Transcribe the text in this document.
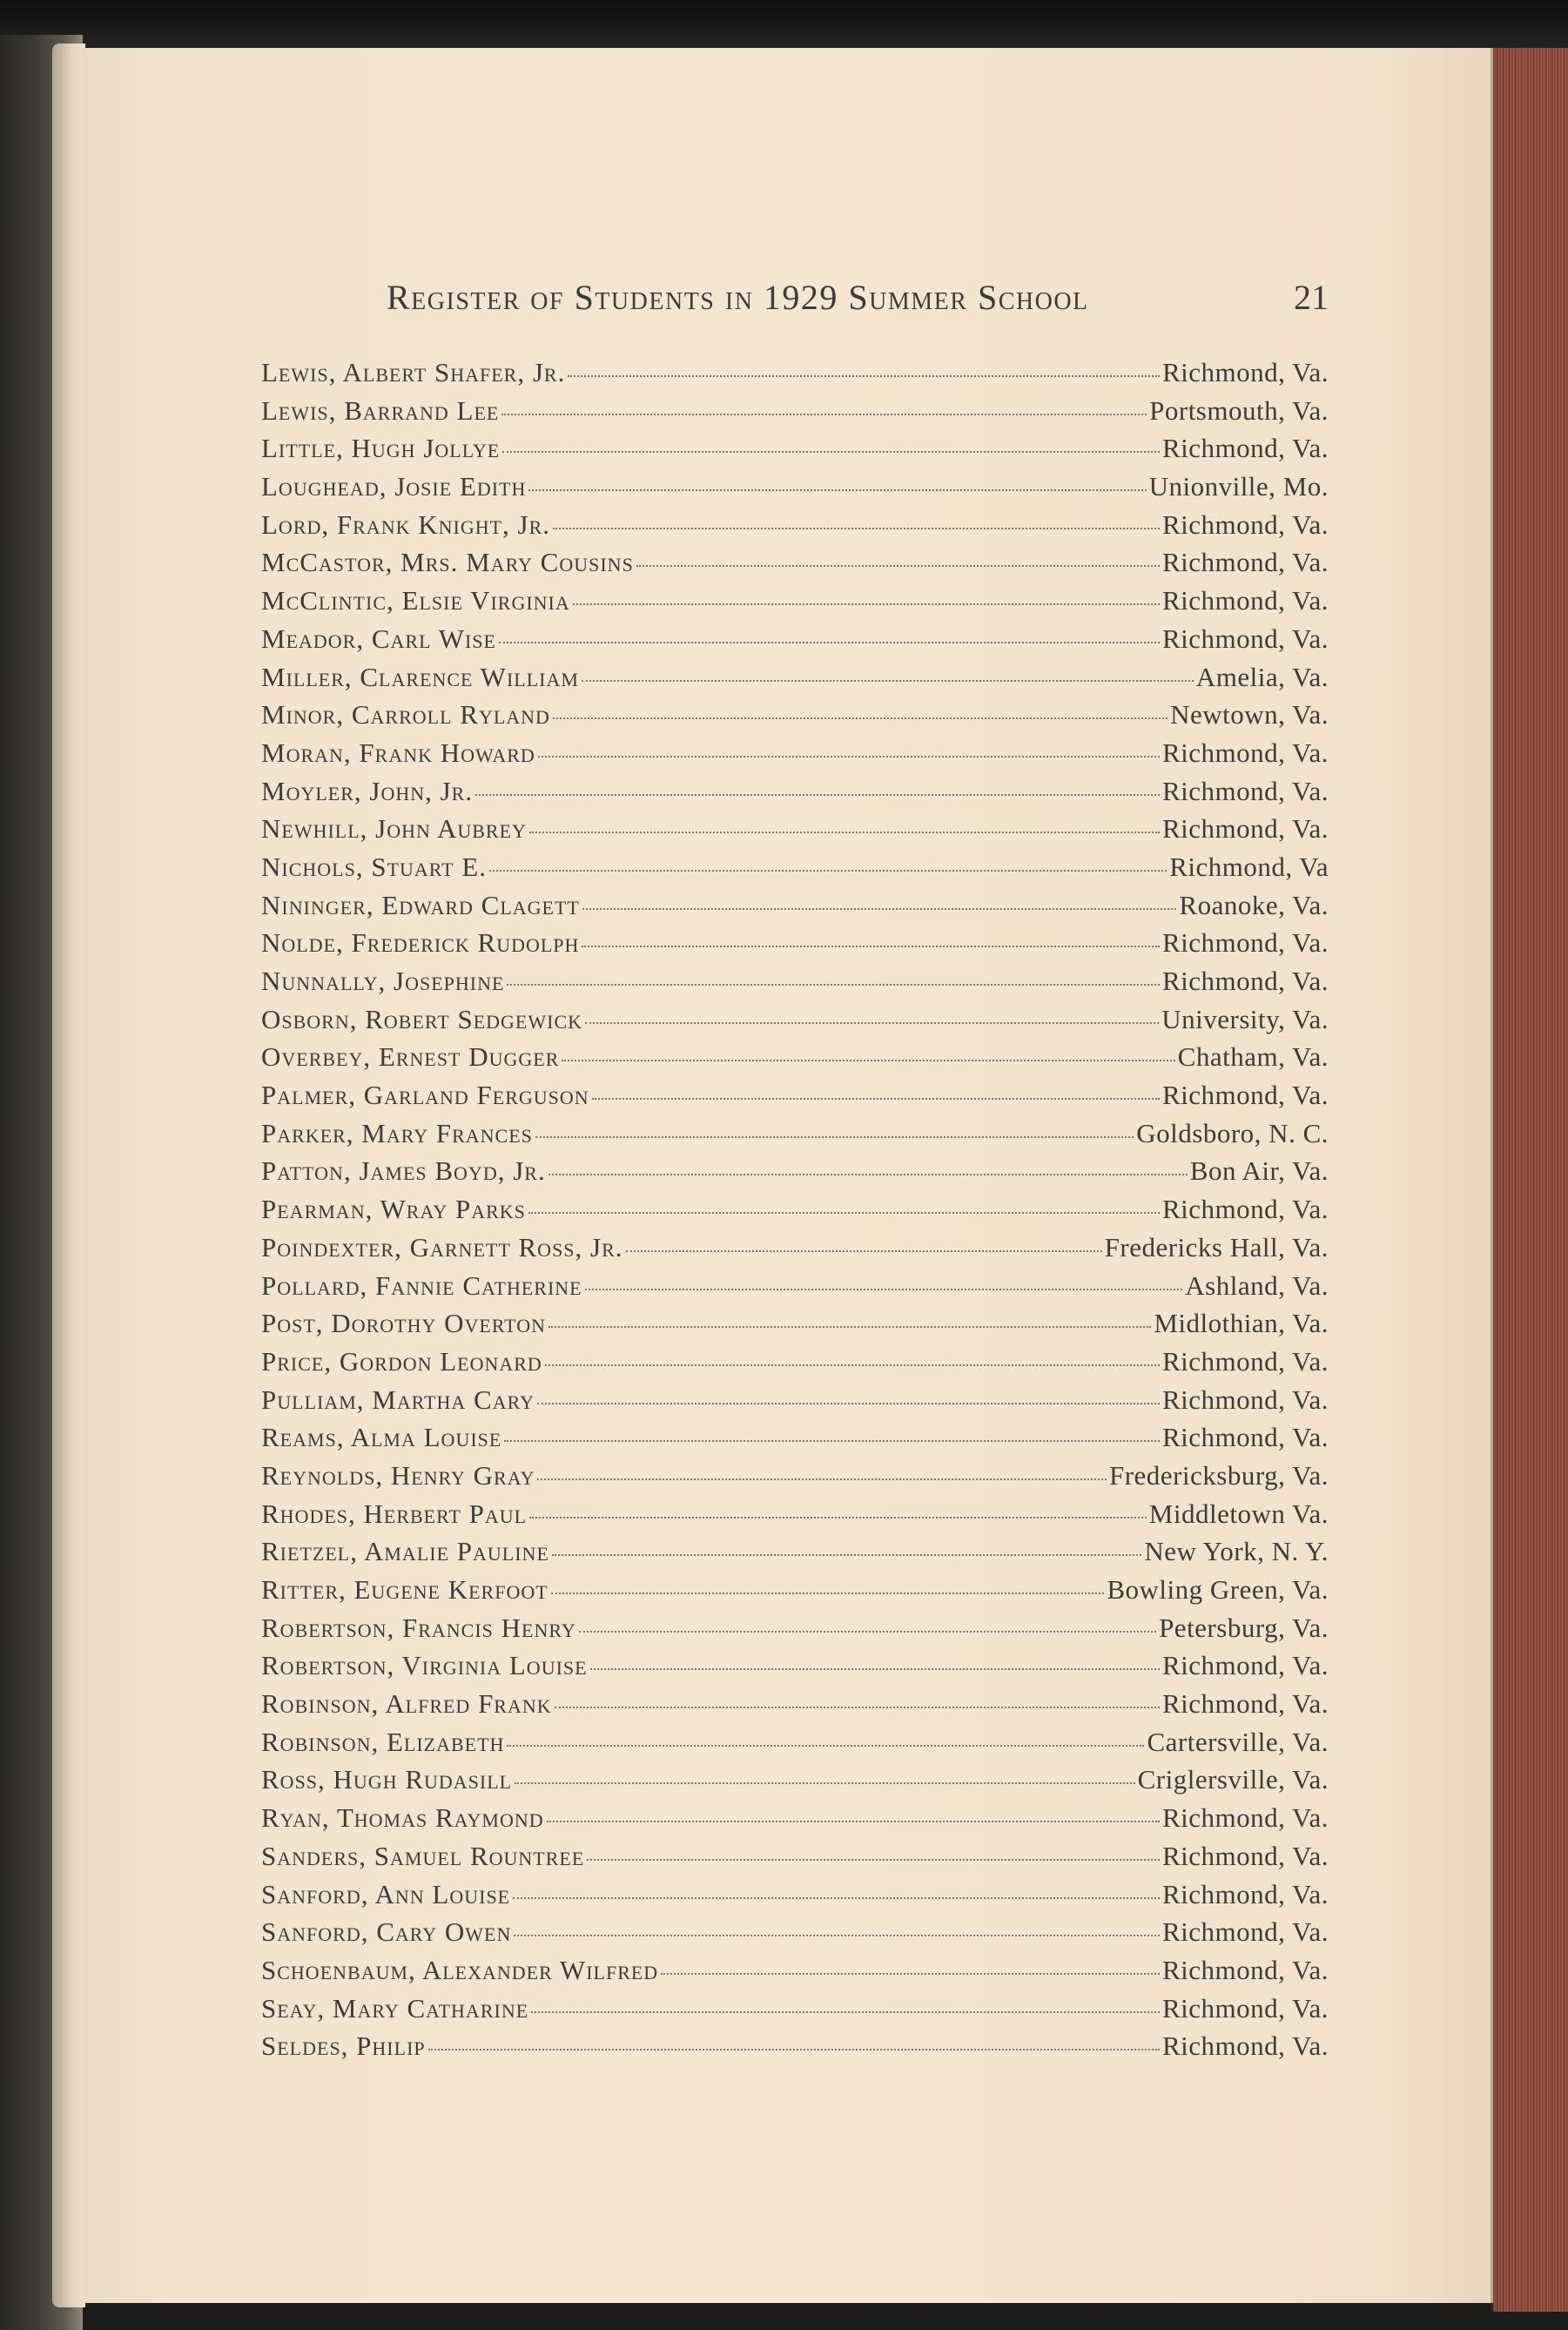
Register of Students in 1929 Summer School	21
Lewis, Albert Shafer, Jr.	Richmond, Va.
Lewis, Barrand Lee	Portsmouth, Va.
Little, Hugh Jollye	Richmond, Va.
Loughead, Josie Edith	Unionville, Mo.
Lord, Frank Knight, Jr.	Richmond, Va.
McCastor, Mrs. Mary Cousins	Richmond, Va.
McClintic, Elsie Virginia	Richmond, Va.
Meador, Carl Wise	Richmond, Va.
Miller, Clarence William	Amelia, Va.
Minor, Carroll Ryland	Newtown, Va.
Moran, Frank Howard	Richmond, Va.
Moyler, John, Jr.	Richmond, Va.
Newhill, John Aubrey	Richmond, Va.
Nichols, Stuart E.	Richmond, Va
Nininger, Edward Clagett	Roanoke, Va.
Nolde, Frederick Rudolph	Richmond, Va.
Nunnally, Josephine	Richmond, Va.
Osborn, Robert Sedgewick	University, Va.
Overbey, Ernest Dugger	Chatham, Va.
Palmer, Garland Ferguson	Richmond, Va.
Parker, Mary Frances	Goldsboro, N. C.
Patton, James Boyd, Jr.	Bon Air, Va.
Pearman, Wray Parks	Richmond, Va.
Poindexter, Garnett Ross, Jr.	Fredericks Hall, Va.
Pollard, Fannie Catherine	Ashland, Va.
Post, Dorothy Overton	Midlothian, Va.
Price, Gordon Leonard	Richmond, Va.
Pulliam, Martha Cary	Richmond, Va.
Reams, Alma Louise	Richmond, Va.
Reynolds, Henry Gray	Fredericksburg, Va.
Rhodes, Herbert Paul	Middletown Va.
Rietzel, Amalie Pauline	New York, N. Y.
Ritter, Eugene Kerfoot	Bowling Green, Va.
Robertson, Francis Henry	Petersburg, Va.
Robertson, Virginia Louise	Richmond, Va.
Robinson, Alfred Frank	Richmond, Va.
Robinson, Elizabeth	Cartersville, Va.
Ross, Hugh Rudasill	Criglersville, Va.
Ryan, Thomas Raymond	Richmond, Va.
Sanders, Samuel Rountree	Richmond, Va.
Sanford, Ann Louise	Richmond, Va.
Sanford, Cary Owen	Richmond, Va.
Schoenbaum, Alexander Wilfred	Richmond, Va.
Seay, Mary Catharine	Richmond, Va.
Seldes, Philip	Richmond, Va.
